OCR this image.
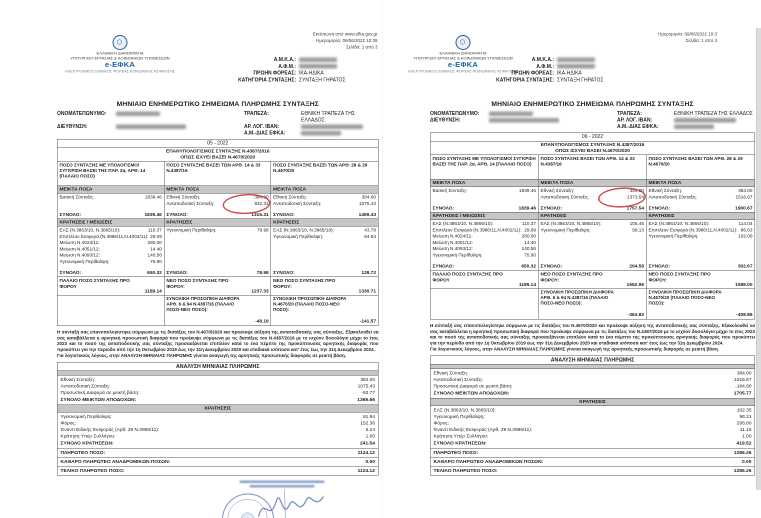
Εκτύπωση από www.efka.gov.gr
Ημερομηνία: 09/06/2022 10:39
Σελίδα: 1 από 3
ΕΛΛΗΝΙΚΗ ΔΗΜΟΚΡΑΤΙΑ
ΥΠΟΥΡΓΕΙΟ ΕΡΓΑΣΙΑΣ & ΚΟΙΝΩΝΙΚΩΝ ΥΠΟΘΕΣΕΩΝ
e-ΕΦΚΑ
ΗΛΕΚΤΡΟΝΙΚΟΣ ΕΘΝΙΚΟΣ ΦΟΡΕΑΣ ΚΟΙΝΩΝΙΚΗΣ ΑΣΦΑΛΙΣΗΣ
Α.Μ.Κ.Α.:
Α.Φ.Μ.:
ΠΡΩΗΝ ΦΟΡΕΑΣ: ΙΚΑ-ΗΔΙΚΑ
ΚΑΤΗΓΟΡΙΑ ΣΥΝΤΑΞΗΣ: ΣΥΝΤΑΞΗ ΓΗΡΑΤΟΣ
ΜΗΝΙΑΙΟ ΕΝΗΜΕΡΩΤΙΚΟ ΣΗΜΕΙΩΜΑ ΠΛΗΡΩΜΗΣ ΣΥΝΤΑΞΗΣ
ΟΝΟΜΑΤΕΠΩΝΥΜΟ:	ΤΡΑΠΕΖΑ:	ΕΘΝΙΚΗ ΤΡΑΠΕΖΑ ΤΗΣ ΕΛΛΑΔΟΣ
ΔΙΕΥΘΥΝΣΗ:	ΑΡ. ΛΟΓ. IBAN:
Α.Μ.-ΔΙΑΣ ΕΦΚΑ:
05 - 2022
ΕΠΑΝΥΠΟΛΟΓΙΣΜΟΣ ΣΥΝΤΑΞΗΣ Ν.4387/2016
ΟΠΩΣ ΙΣΧΥΕΙ ΒΑΣΕΙ Ν.4670/2020
ΠΟΣΟ ΣΥΝΤΑΞΗΣ ΜΕ ΥΠΟΛΟΓΙΣΜΟ/ ΣΥΓΚΡΙΣΗ ΒΑΣΕΙ ΤΗΣ ΠΑΡ. 2α, ΑΡΘ. 14 (ΠΑΛΑΙΟ ΠΟΣΟ)
ΜΕΙΚΤΑ ΠΟΣΑ
Βασική Σύνταξη:	1839.46
ΣΥΝΟΛΟ:	1839.46
ΚΡΑΤΗΣΕΙΣ / ΜΕΙΩΣΕΙΣ
ΕΑΣ (Ν.3863/10, Ν.3865/10):	110.37
Επιπλέον Εισφορά (Ν.3986/11,Ν.4002/11): 29.09
Μείωση Ν.4024/11:	280.00
Μείωση Ν.4051/12:	14.40
Μείωση Ν.4093/12:	140.56
Υγειονομική Περίθαλψη:	75.90
ΣΥΝΟΛΟ:	650.32
ΠΑΛΑΙΟ ΠΟΣΟ ΣΥΝΤΑΞΗΣ ΠΡΟ ΦΟΡΟΥ
1189.14
ΠΟΣΟ ΣΥΝΤΑΞΗΣ ΒΑΣΕΙ ΤΩΝ ΑΡΘ. 14 & 33 Ν.4387/16
ΜΕΙΚΤΑ ΠΟΣΑ
Εθνική Σύνταξη:	384.00
Ανταποδοτική Σύνταξη:	932.31
ΣΥΝΟΛΟ:	1316.31
ΚΡΑΤΗΣΕΙΣ
Υγειονομική Περίθαλψη:	78.98
ΣΥΝΟΛΟ:	78.98
ΝΕΟ ΠΟΣΟ ΣΥΝΤΑΞΗΣ ΠΡΟ ΦΟΡΟΥ:
1237.33
ΣΥΝΟΛΙΚΗ ΠΡΟΣΩΠΙΚΗ ΔΙΑΦΟΡΑ ΑΡΘ. 6 & 94 Ν.4387/16 (ΠΑΛΑΙΟ ΠΟΣΟ-ΝΕΟ ΠΟΣΟ):
-48.19
ΠΟΣΟ ΣΥΝΤΑΞΗΣ ΒΑΣΕΙ ΤΩΝ ΑΡΘ. 28 & 29 Ν.4670/20
ΜΕΙΚΤΑ ΠΟΣΑ
Εθνική Σύνταξη:	384.00
Ανταποδοτική Σύνταξη:	1075.43
ΣΥΝΟΛΟ:	1459.43
ΚΡΑΤΗΣΕΙΣ
ΕΑΣ (Ν.3863/10, Ν.3865/10):	43.78
Υγειονομική Περίθαλψη:	84.94
ΣΥΝΟΛΟ:	128.72
ΝΕΟ ΠΟΣΟ ΣΥΝΤΑΞΗΣ ΠΡΟ ΦΟΡΟΥ:
1330.71
ΣΥΝΟΛΙΚΗ ΠΡΟΣΩΠΙΚΗ ΔΙΑΦΟΡΑ Ν.4670/20 (ΠΑΛΑΙΟ ΠΟΣΟ-ΝΕΟ ΠΟΣΟ):
-141.57
Η σύνταξή σας επανυπολογίστηκε σύμφωνα με τις διατάξεις του Ν.4670/2020 και προέκυψε αύξηση της ανταποδοτικής σας σύνταξης. Εξακολουθεί να σας καταβάλλεται η αρνητική προσωπική διαφορά που προέκυψε σύμφωνα με τις διατάξεις του Ν.4387/2016 με το ισχύον δοσολόγιο μέχρι το έτος 2023 και το ποσό της ανταποδοτικής σας σύνταξης προσαυξάνεται επιπλέον κατά το ένα πέμπτο της προκύπτουσας αρνητικής διαφοράς που προκύπτει για την περίοδο από την 1η Οκτωβρίου 2019 έως την 31η Δεκεμβρίου 2020 και σταδιακά ισόποσα κατ' έτος έως την 31η Δεκεμβρίου 2024.
Για λογιστικούς λόγους, στην ΑΝΑΛΥΣΗ ΜΗΝΙΑΙΑΣ ΠΛΗΡΩΜΗΣ γίνεται αναγωγή της αρνητικής προσωπικής διαφοράς σε μεικτή βάση.
ΑΝΑΛΥΣΗ ΜΗΝΙΑΙΑΣ ΠΛΗΡΩΜΗΣ
Εθνική Σύνταξη:	384.00
Ανταποδοτική Σύνταξη:	1075.43
Προσωπική Διαφορά σε μεικτή βάση:	-93.77
ΣΥΝΟΛΟ ΜΕΙΚΤΩΝ ΑΠΟΔΟΧΩΝ:	1365.66
ΚΡΑΤΗΣΕΙΣ
Υγειονομική Περίθαλψη:	81.94
Φόρος:	152.36
Έναντι Ειδικής Εισφοράς (Αρθ. 29 Ν.3986/11):	6.24
Κράτηση Υπέρ Συλλόγου:	1.00
ΣΥΝΟΛΟ ΚΡΑΤΗΣΕΩΝ:	241.54
ΠΛΗΡΩΤΕΟ ΠΟΣΟ:	1124.12
ΚΑΘΑΡΟ ΠΛΗΡΩΤΕΟ ΑΝΑΔΡΟΜΙΚΩΝ ΠΟΣΩΝ:	0.00
ΤΕΛΙΚΟ ΠΛΗΡΩΤΕΟ ΠΟΣΟ:	1124.12
Ημερομηνία: 09/06/2022 10:3
Σελίδα: 1 από 3
ΕΛΛΗΝΙΚΗ ΔΗΜΟΚΡΑΤΙΑ
ΥΠΟΥΡΓΕΙΟ ΕΡΓΑΣΙΑΣ & ΚΟΙΝΩΝΙΚΩΝ ΥΠΟΘΕΣΕΩΝ
e-ΕΦΚΑ
ΗΛΕΚΤΡΟΝΙΚΟΣ ΕΘΝΙΚΟΣ ΦΟΡΕΑΣ ΚΟΙΝΩΝΙΚΗΣ ΑΣΦΑΛΙΣΗΣ
Α.Μ.Κ.Α.:
Α.Φ.Μ.:
ΠΡΩΗΝ ΦΟΡΕΑΣ: ΙΚΑ-ΗΔΙΚΑ
ΚΑΤΗΓΟΡΙΑ ΣΥΝΤΑΞΗΣ: ΣΥΝΤΑΞΗ ΓΗΡΑΤΟΣ
ΜΗΝΙΑΙΟ ΕΝΗΜΕΡΩΤΙΚΟ ΣΗΜΕΙΩΜΑ ΠΛΗΡΩΜΗΣ ΣΥΝΤΑΞΗΣ
ΟΝΟΜΑΤΕΠΩΝΥΜΟ:	ΤΡΑΠΕΖΑ:	ΕΘΝΙΚΗ ΤΡΑΠΕΖΑ ΤΗΣ ΕΛΛΑΔΟΣ
ΔΙΕΥΘΥΝΣΗ:	ΑΡ. ΛΟΓ. IBAN:
Α.Μ.-ΔΙΑΣ ΕΦΚΑ:
06 - 2022
ΕΠΑΝΥΠΟΛΟΓΙΣΜΟΣ ΣΥΝΤΑΞΗΣ Ν.4387/2016
ΟΠΩΣ ΙΣΧΥΕΙ ΒΑΣΕΙ Ν.4670/2020
ΠΟΣΟ ΣΥΝΤΑΞΗΣ ΜΕ ΥΠΟΛΟΓΙΣΜΟ/ ΣΥΓΚΡΙΣΗ ΒΑΣΕΙ ΤΗΣ ΠΑΡ. 2α, ΑΡΘ. 14 (ΠΑΛΑΙΟ ΠΟΣΟ)
ΜΕΙΚΤΑ ΠΟΣΑ
Βασική Σύνταξη:	1839.46
ΣΥΝΟΛΟ:	1839.46
ΚΡΑΤΗΣΕΙΣ / ΜΕΙΩΣΕΙΣ
ΕΑΣ (Ν.3863/10, Ν.3865/10):	110.37
Επιπλέον Εισφορά (Ν.3986/11,Ν.4002/11): 29.09
Μείωση Ν.4024/11:	280.00
Μείωση Ν.4051/12:	14.40
Μείωση Ν.4093/12:	140.56
Υγειονομική Περίθαλψη:	75.90
ΣΥΝΟΛΟ:	650.32
ΠΑΛΑΙΟ ΠΟΣΟ ΣΥΝΤΑΞΗΣ ΠΡΟ ΦΟΡΟΥ
1189.14
ΠΟΣΟ ΣΥΝΤΑΞΗΣ ΒΑΣΕΙ ΤΩΝ ΑΡΘ. 14 & 33 Ν.4387/16
ΜΕΙΚΤΑ ΠΟΣΑ
Εθνική Σύνταξη:	384.00
Ανταποδοτική Σύνταξη:	1373.54
ΣΥΝΟΛΟ:	1757.54
ΚΡΑΤΗΣΕΙΣ
ΕΑΣ (Ν.3863/10, Ν.3865/10):	105.45
Υγειονομική Περίθαλψη:	99.13
ΣΥΝΟΛΟ:	204.58
ΝΕΟ ΠΟΣΟ ΣΥΝΤΑΞΗΣ ΠΡΟ ΦΟΡΟΥ:
1552.96
ΣΥΝΟΛΙΚΗ ΠΡΟΣΩΠΙΚΗ ΔΙΑΦΟΡΑ ΑΡΘ. 6 & 94 Ν.4387/16 (ΠΑΛΑΙΟ ΠΟΣΟ-ΝΕΟ ΠΟΣΟ):
-363.82
ΠΟΣΟ ΣΥΝΤΑΞΗΣ ΒΑΣΕΙ ΤΩΝ ΑΡΘ. 28 & 29 Ν.4670/20
ΜΕΙΚΤΑ ΠΟΣΑ
Εθνική Σύνταξη:	384.00
Ανταποδοτική Σύνταξη:	1516.67
ΣΥΝΟΛΟ:	1900.67
ΚΡΑΤΗΣΕΙΣ
ΕΑΣ (Ν.3863/10, Ν.3865/10):	114.04
Επιπλέον Εισφορά (Ν.3986/11,Ν.4002/11): 86.63
Υγειονομική Περίθαλψη:	102.00
ΣΥΝΟΛΟ:	302.67
ΝΕΟ ΠΟΣΟ ΣΥΝΤΑΞΗΣ ΠΡΟ ΦΟΡΟΥ:
1598.00
ΣΥΝΟΛΙΚΗ ΠΡΟΣΩΠΙΚΗ ΔΙΑΦΟΡΑ Ν.4670/20 (ΠΑΛΑΙΟ ΠΟΣΟ-ΝΕΟ ΠΟΣΟ):
-408.86
Η σύνταξή σας επανυπολογίστηκε σύμφωνα με τις διατάξεις του Ν.4670/2020 και προέκυψε αύξηση της ανταποδοτικής σας σύνταξης. Εξακολουθεί να σας καταβάλλεται η αρνητική προσωπική διαφορά που προέκυψε σύμφωνα με τις διατάξεις του Ν.4387/2016 με το ισχύον δοσολόγιο μέχρι το έτος 2023 και το ποσό της ανταποδοτικής σας σύνταξης προσαυξάνεται επιπλέον κατά το ένα πέμπτο της προκύπτουσας αρνητικής διαφοράς που προκύπτει για την περίοδο από την 1η Οκτωβρίου 2019 έως την 31η Δεκεμβρίου 2020 και σταδιακά ισόποσα κατ' έτος έως την 31η Δεκεμβρίου 2024.
Για λογιστικούς λόγους, στην ΑΝΑΛΥΣΗ ΜΗΝΙΑΙΑΣ ΠΛΗΡΩΜΗΣ γίνεται αναγωγή της αρνητικής προσωπικής διαφοράς σε μεικτή βάση.
ΑΝΑΛΥΣΗ ΜΗΝΙΑΙΑΣ ΠΛΗΡΩΜΗΣ
Εθνική Σύνταξη:	384.00
Ανταποδοτική Σύνταξη:	1516.67
Προσωπική Διαφορά σε μεικτή βάση:	-194.90
ΣΥΝΟΛΟ ΜΕΙΚΤΩΝ ΑΠΟΔΟΧΩΝ:	1705.77
ΚΡΑΤΗΣΕΙΣ
ΕΑΣ (Ν.3863/10, Ν.3865/10):	102.35
Υγειονομική Περίθαλψη:	96.21
Φόρος:	208.80
Έναντι Ειδικής Εισφοράς (Αρθ. 29 Ν.3986/11):	11.16
Κράτηση Υπέρ Συλλόγου:	1.00
ΣΥΝΟΛΟ ΚΡΑΤΗΣΕΩΝ:	419.52
ΠΛΗΡΩΤΕΟ ΠΟΣΟ:	1286.26
ΚΑΘΑΡΟ ΠΛΗΡΩΤΕΟ ΑΝΑΔΡΟΜΙΚΩΝ ΠΟΣΩΝ:	0.00
ΤΕΛΙΚΟ ΠΛΗΡΩΤΕΟ ΠΟΣΟ:	1286.26
